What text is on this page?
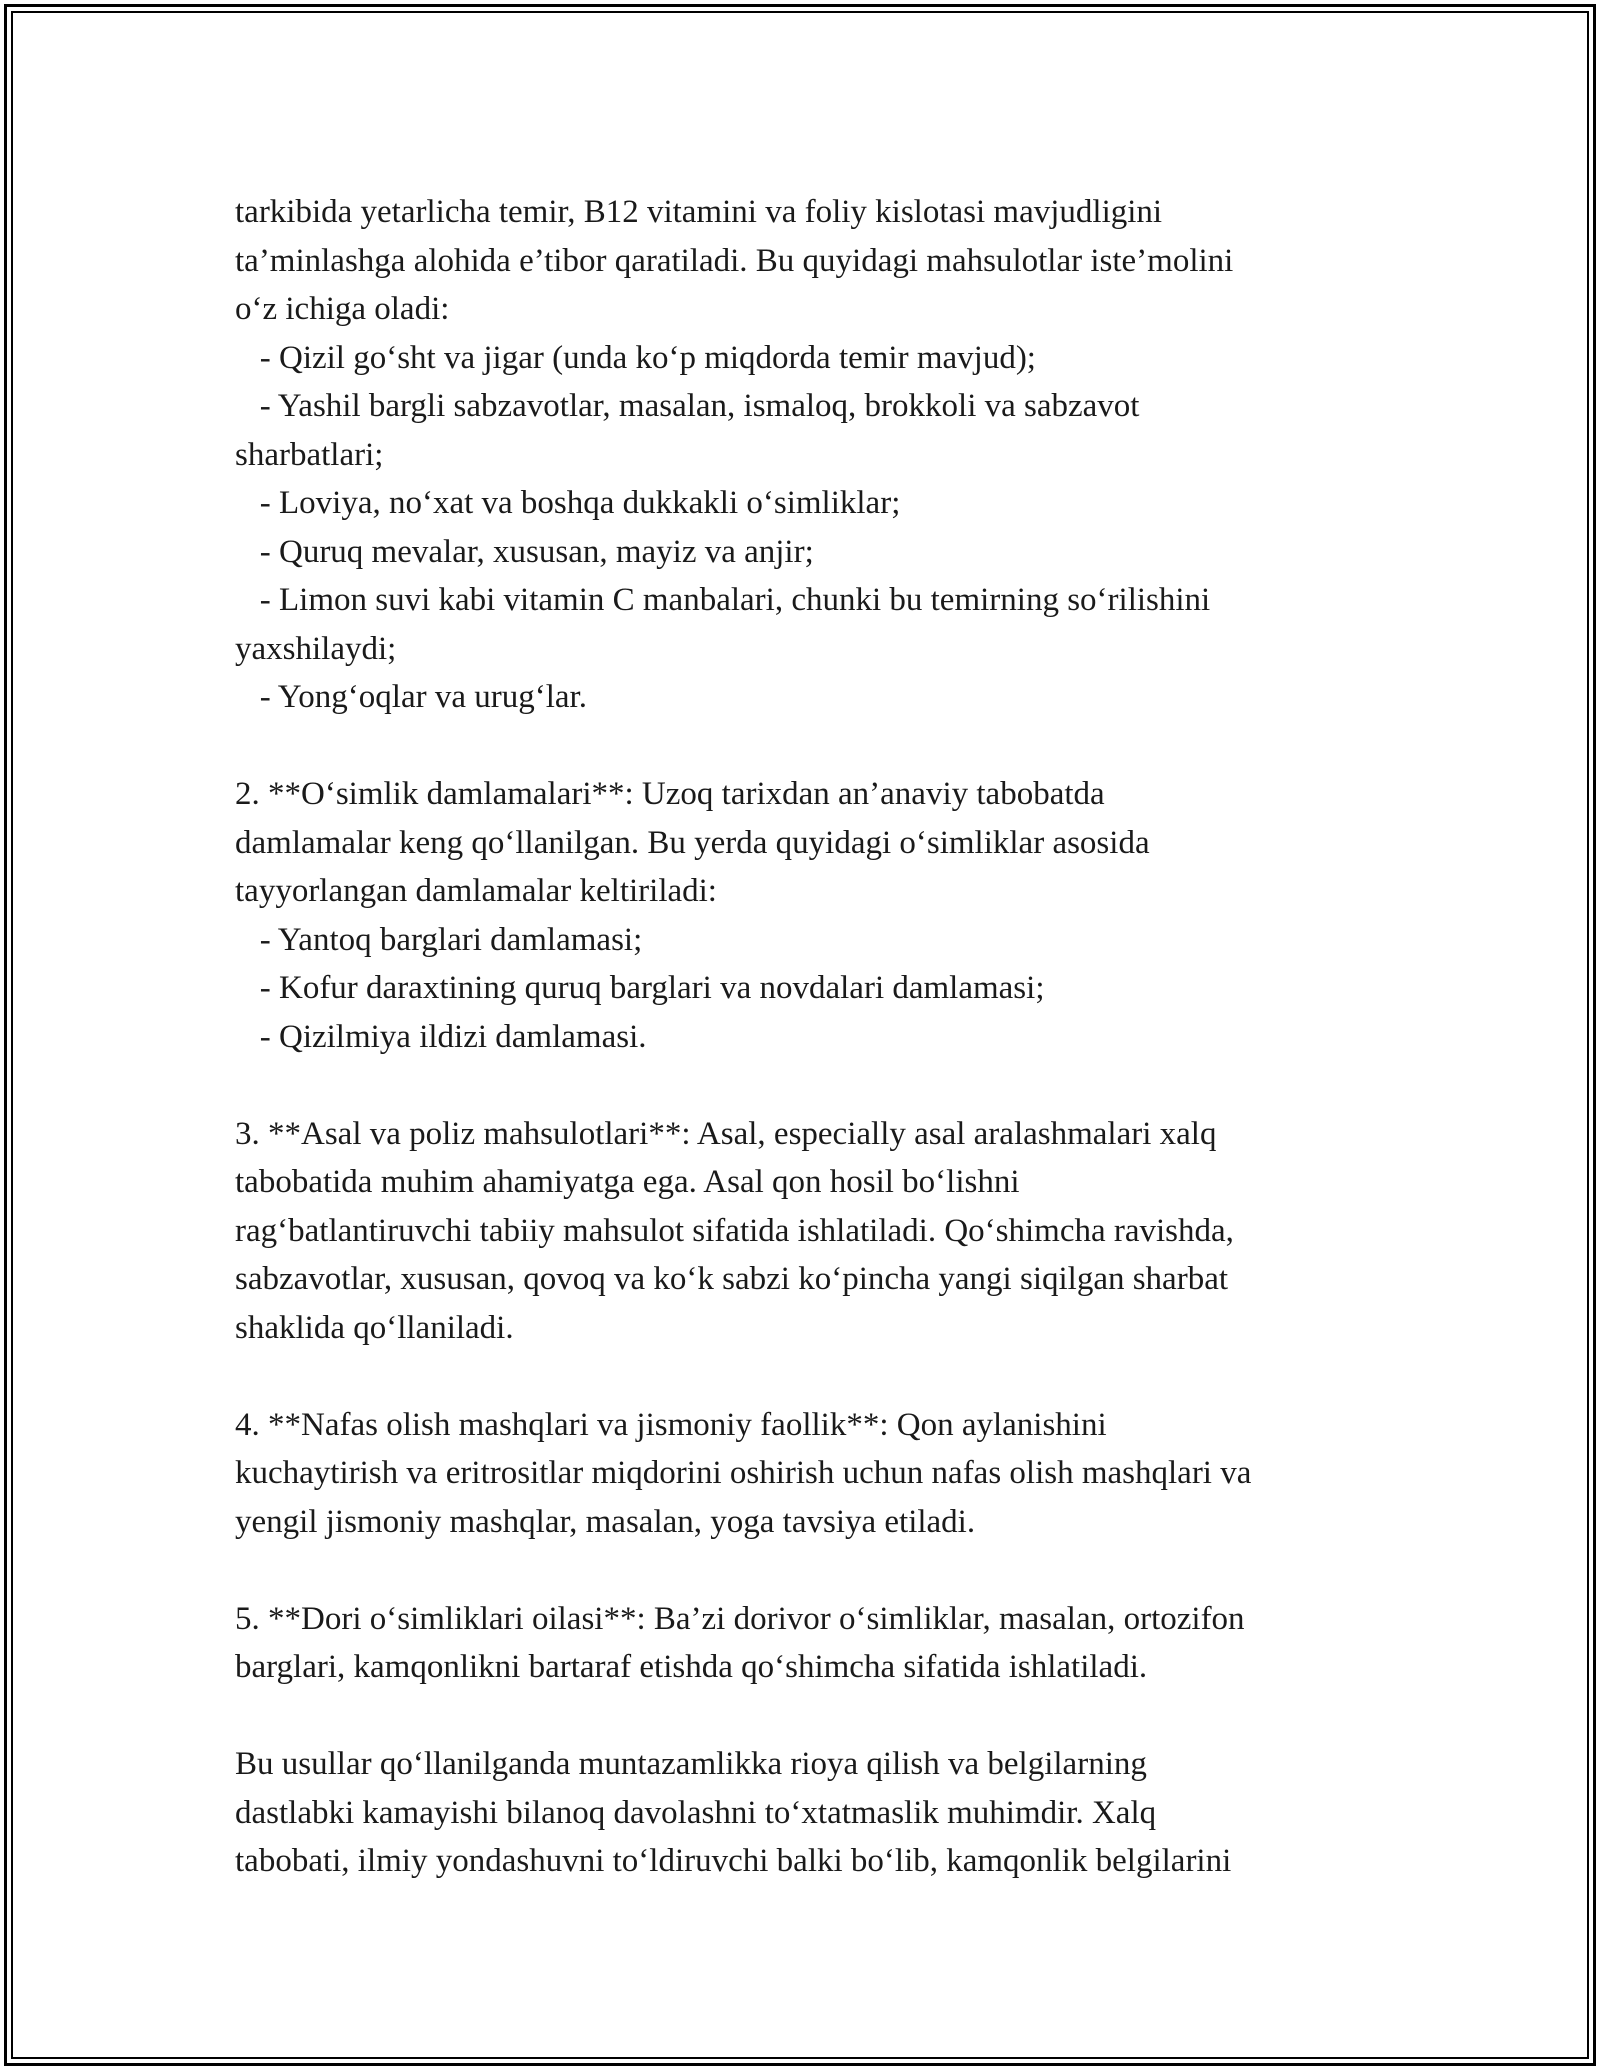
tarkibida yetarlicha temir, B12 vitamini va foliy kislotasi mavjudligini
ta’minlashga alohida e’tibor qaratiladi. Bu quyidagi mahsulotlar iste’molini
o‘z ichiga oladi:
- Qizil go‘sht va jigar (unda ko‘p miqdorda temir mavjud);
- Yashil bargli sabzavotlar, masalan, ismaloq, brokkoli va sabzavot
sharbatlari;
- Loviya, no‘xat va boshqa dukkakli o‘simliklar;
- Quruq mevalar, xususan, mayiz va anjir;
- Limon suvi kabi vitamin C manbalari, chunki bu temirning so‘rilishini
yaxshilaydi;
- Yong‘oqlar va urug‘lar.
2. **O‘simlik damlamalari**: Uzoq tarixdan an’anaviy tabobatda
damlamalar keng qo‘llanilgan. Bu yerda quyidagi o‘simliklar asosida
tayyorlangan damlamalar keltiriladi:
- Yantoq barglari damlamasi;
- Kofur daraxtining quruq barglari va novdalari damlamasi;
- Qizilmiya ildizi damlamasi.
3. **Asal va poliz mahsulotlari**: Asal, especially asal aralashmalari xalq
tabobatida muhim ahamiyatga ega. Asal qon hosil bo‘lishni
rag‘batlantiruvchi tabiiy mahsulot sifatida ishlatiladi. Qo‘shimcha ravishda,
sabzavotlar, xususan, qovoq va ko‘k sabzi ko‘pincha yangi siqilgan sharbat
shaklida qo‘llaniladi.
4. **Nafas olish mashqlari va jismoniy faollik**: Qon aylanishini
kuchaytirish va eritrositlar miqdorini oshirish uchun nafas olish mashqlari va
yengil jismoniy mashqlar, masalan, yoga tavsiya etiladi.
5. **Dori o‘simliklari oilasi**: Ba’zi dorivor o‘simliklar, masalan, ortozifon
barglari, kamqonlikni bartaraf etishda qo‘shimcha sifatida ishlatiladi.
Bu usullar qo‘llanilganda muntazamlikka rioya qilish va belgilarning
dastlabki kamayishi bilanoq davolashni to‘xtatmaslik muhimdir. Xalq
tabobati, ilmiy yondashuvni to‘ldiruvchi balki bo‘lib, kamqonlik belgilarini
